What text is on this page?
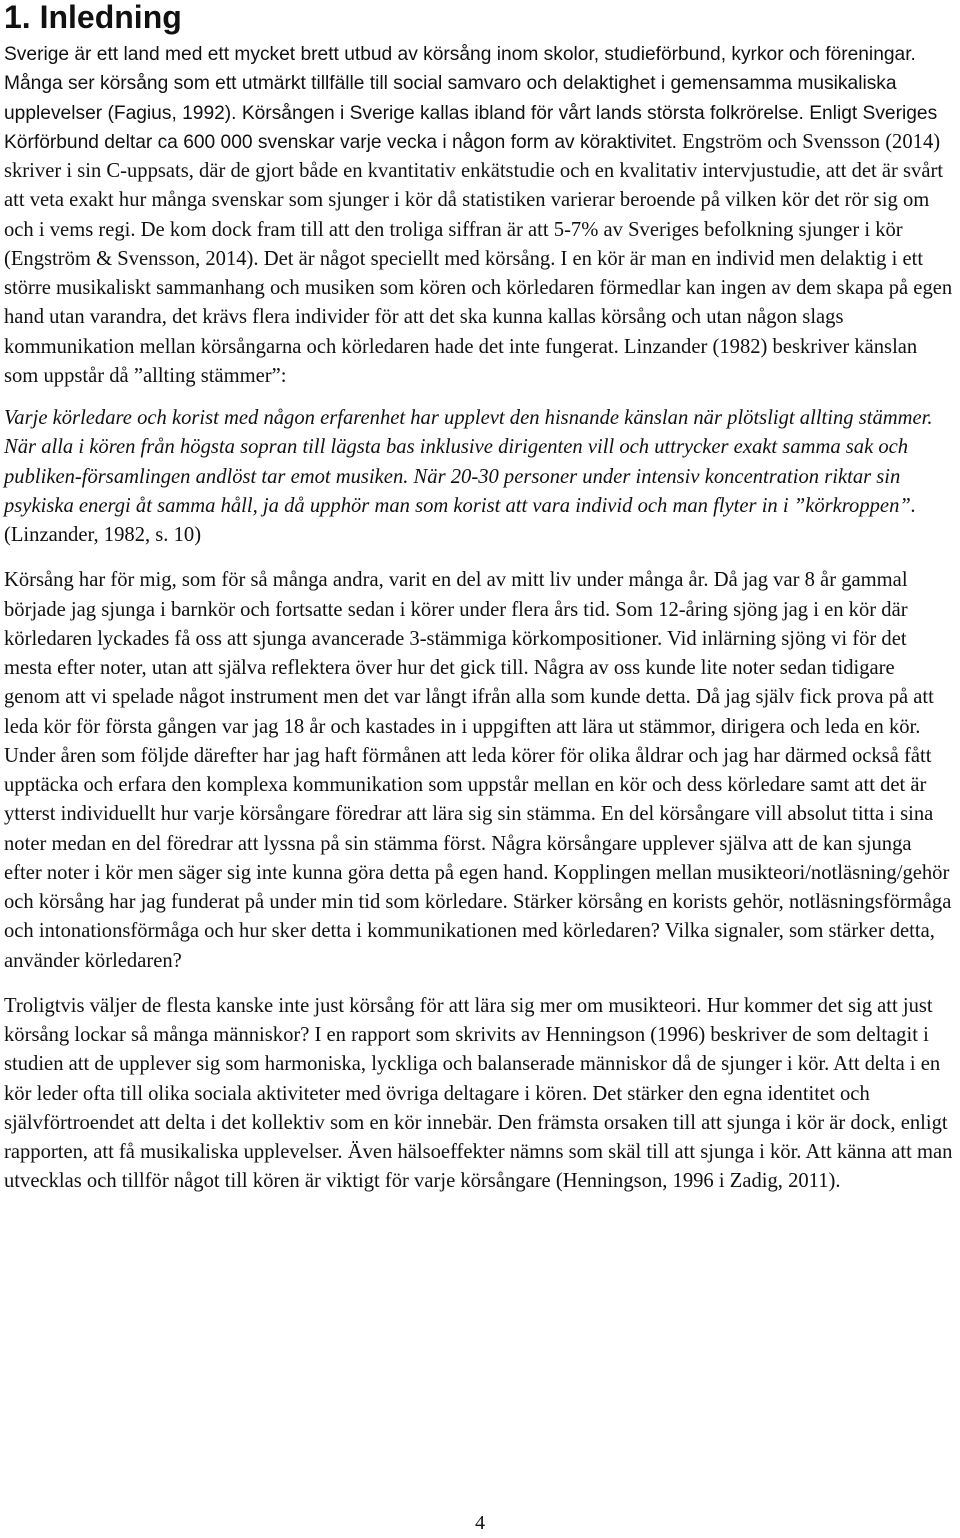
1. Inledning

Sverige är ett land med ett mycket brett utbud av körsång inom skolor, studieförbund, kyrkor och föreningar. Många ser körsång som ett utmärkt tillfälle till social samvaro och delaktighet i gemensamma musikaliska upplevelser (Fagius, 1992). Körsången i Sverige kallas ibland för vårt lands största folkrörelse. Enligt Sveriges Körförbund deltar ca 600 000 svenskar varje vecka i någon form av köraktivitet. Engström och Svensson (2014) skriver i sin C-uppsats, där de gjort både en kvantitativ enkätstudie och en kvalitativ intervjustudie, att det är svårt att veta exakt hur många svenskar som sjunger i kör då statistiken varierar beroende på vilken kör det rör sig om och i vems regi. De kom dock fram till att den troliga siffran är att 5-7% av Sveriges befolkning sjunger i kör (Engström & Svensson, 2014). Det är något speciellt med körsång. I en kör är man en individ men delaktig i ett större musikaliskt sammanhang och musiken som kören och körledaren förmedlar kan ingen av dem skapa på egen hand utan varandra, det krävs flera individer för att det ska kunna kallas körsång och utan någon slags kommunikation mellan körsångarna och körledaren hade det inte fungerat. Linzander (1982) beskriver känslan som uppstår då ”allting stämmer”:

Varje körledare och korist med någon erfarenhet har upplevt den hisnande känslan när plötsligt allting stämmer. När alla i kören från högsta sopran till lägsta bas inklusive dirigenten vill och uttrycker exakt samma sak och publiken-församlingen andlöst tar emot musiken. När 20-30 personer under intensiv koncentration riktar sin psykiska energi åt samma håll, ja då upphör man som korist att vara individ och man flyter in i ”körkroppen”. (Linzander, 1982, s. 10)

Körsång har för mig, som för så många andra, varit en del av mitt liv under många år. Då jag var 8 år gammal började jag sjunga i barnkör och fortsatte sedan i körer under flera års tid. Som 12-åring sjöng jag i en kör där körledaren lyckades få oss att sjunga avancerade 3-stämmiga körkompositioner. Vid inlärning sjöng vi för det mesta efter noter, utan att själva reflektera över hur det gick till. Några av oss kunde lite noter sedan tidigare genom att vi spelade något instrument men det var långt ifrån alla som kunde detta. Då jag själv fick prova på att leda kör för första gången var jag 18 år och kastades in i uppgiften att lära ut stämmor, dirigera och leda en kör. Under åren som följde därefter har jag haft förmånen att leda körer för olika åldrar och jag har därmed också fått upptäcka och erfara den komplexa kommunikation som uppstår mellan en kör och dess körledare samt att det är ytterst individuellt hur varje körsångare föredrar att lära sig sin stämma. En del körsångare vill absolut titta i sina noter medan en del föredrar att lyssna på sin stämma först. Några körsångare upplever själva att de kan sjunga efter noter i kör men säger sig inte kunna göra detta på egen hand. Kopplingen mellan musikteori/notläsning/gehör och körsång har jag funderat på under min tid som körledare. Stärker körsång en korists gehör, notläsningsförmåga och intonationsförmåga och hur sker detta i kommunikationen med körledaren? Vilka signaler, som stärker detta, använder körledaren?

Troligtvis väljer de flesta kanske inte just körsång för att lära sig mer om musikteori. Hur kommer det sig att just körsång lockar så många människor? I en rapport som skrivits av Henningson (1996) beskriver de som deltagit i studien att de upplever sig som harmoniska, lyckliga och balanserade människor då de sjunger i kör. Att delta i en kör leder ofta till olika sociala aktiviteter med övriga deltagare i kören. Det stärker den egna identitet och självförtroendet att delta i det kollektiv som en kör innebär. Den främsta orsaken till att sjunga i kör är dock, enligt rapporten, att få musikaliska upplevelser. Även hälsoeffekter nämns som skäl till att sjunga i kör. Att känna att man utvecklas och tillför något till kören är viktigt för varje körsångare (Henningson, 1996 i Zadig, 2011).

4
